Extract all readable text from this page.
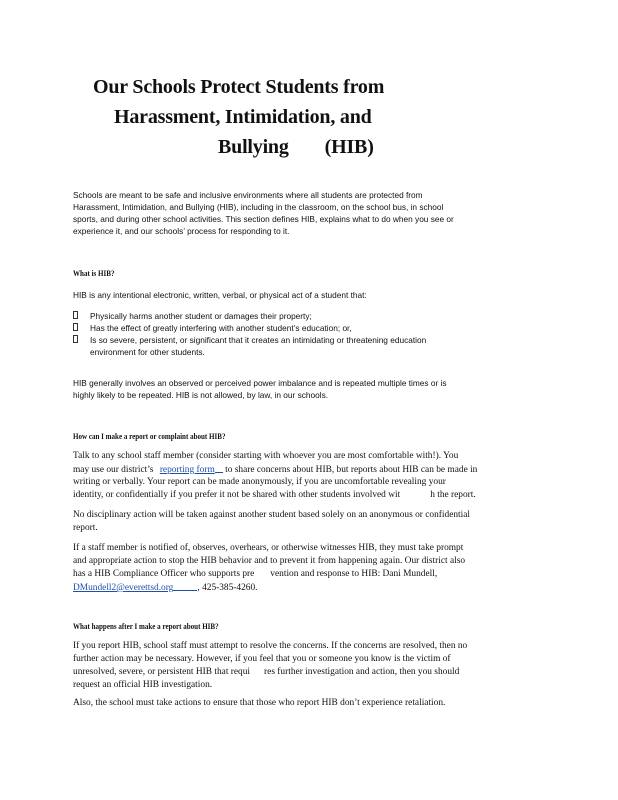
Our Schools Protect Students from
Harassment, Intimidation, and
Bullying (HIB)
Schools are meant to be safe and inclusive environments where all students are protected from
Harassment, Intimidation, and Bullying (HIB), including in the classroom, on the school bus, in school
sports, and during other school activities. This section defines HIB, explains what to do when you see or
experience it, and our schools’ process for responding to it.
What is HIB?
HIB is any intentional electronic, written, verbal, or physical act of a student that:
Physically harms another student or damages their property;
Has the effect of greatly interfering with another student’s education; or,
Is so severe, persistent, or significant that it creates an intimidating or threatening education
environment for other students.
HIB generally involves an observed or perceived power imbalance and is repeated multiple times or is
highly likely to be repeated. HIB is not allowed, by law, in our schools.
How can I make a report or complaint about HIB?
Talk to any school staff member (consider starting with whoever you are most comfortable with!). You
may use our district’s reporting form to share concerns about HIB, but reports about HIB can be made in
writing or verbally. Your report can be made anonymously, if you are uncomfortable revealing your
identity, or confidentially if you prefer it not be shared with other students involved wit	h the report.
No disciplinary action will be taken against another student based solely on an anonymous or confidential
report.
If a staff member is notified of, observes, overhears, or otherwise witnesses HIB, they must take prompt
and appropriate action to stop the HIB behavior and to prevent it from happening again. Our district also
has a HIB Compliance Officer who supports pre vention and response to HIB: Dani Mundell,
DMundell2@everettsd.org	, 425-385-4260.
What happens after I make a report about HIB?
If you report HIB, school staff must attempt to resolve the concerns. If the concerns are resolved, then no
further action may be necessary. However, if you feel that you or someone you know is the victim of
unresolved, severe, or persistent HIB that requi res further investigation and action, then you should
request an official HIB investigation.
Also, the school must take actions to ensure that those who report HIB don’t experience retaliation.
